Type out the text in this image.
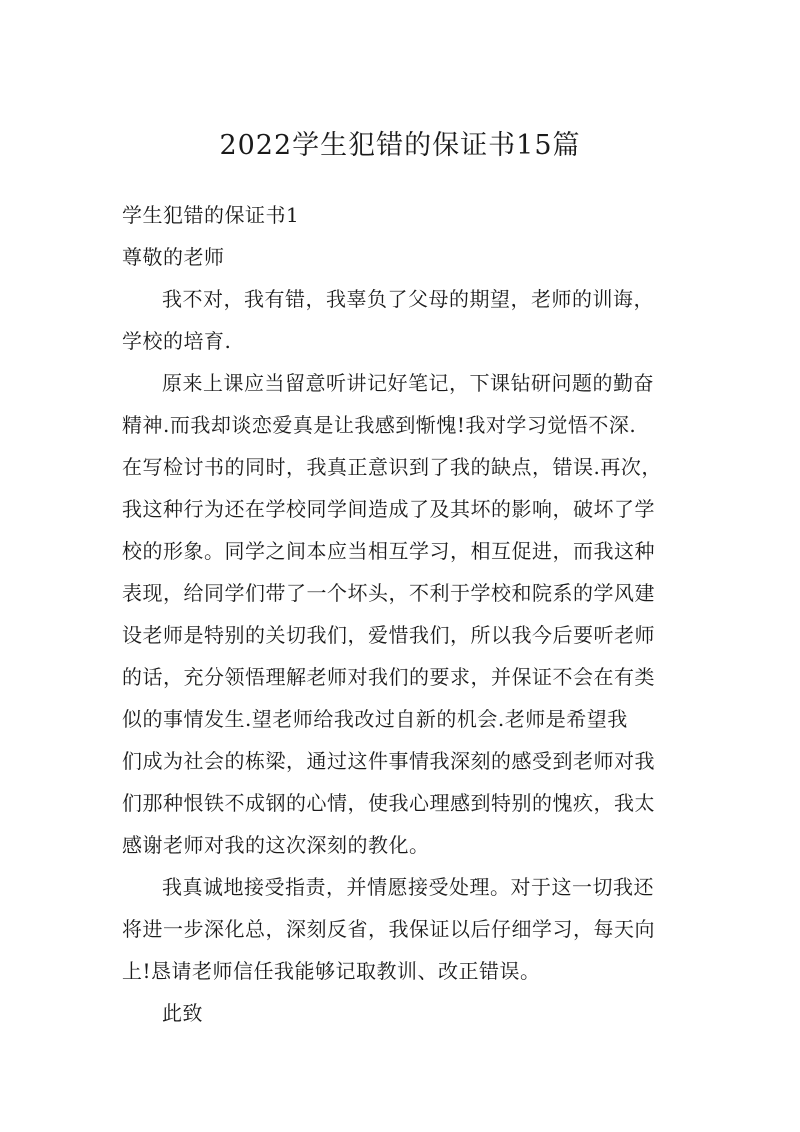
2022学生犯错的保证书15篇
学生犯错的保证书1
尊敬的老师
我不对，我有错，我辜负了父母的期望，老师的训诲，
学校的培育.
原来上课应当留意听讲记好笔记，下课钻研问题的勤奋
精神.而我却谈恋爱真是让我感到惭愧!我对学习觉悟不深.
在写检讨书的同时，我真正意识到了我的缺点，错误.再次，
我这种行为还在学校同学间造成了及其坏的影响，破坏了学
校的形象。同学之间本应当相互学习，相互促进，而我这种
表现，给同学们带了一个坏头，不利于学校和院系的学风建
设老师是特别的关切我们，爱惜我们，所以我今后要听老师
的话，充分领悟理解老师对我们的要求，并保证不会在有类
似的事情发生.望老师给我改过自新的机会.老师是希望我
们成为社会的栋梁，通过这件事情我深刻的感受到老师对我
们那种恨铁不成钢的心情，使我心理感到特别的愧疚，我太
感谢老师对我的这次深刻的教化。
我真诚地接受指责，并情愿接受处理。对于这一切我还
将进一步深化总，深刻反省，我保证以后仔细学习，每天向
上!恳请老师信任我能够记取教训、改正错误。
此致
